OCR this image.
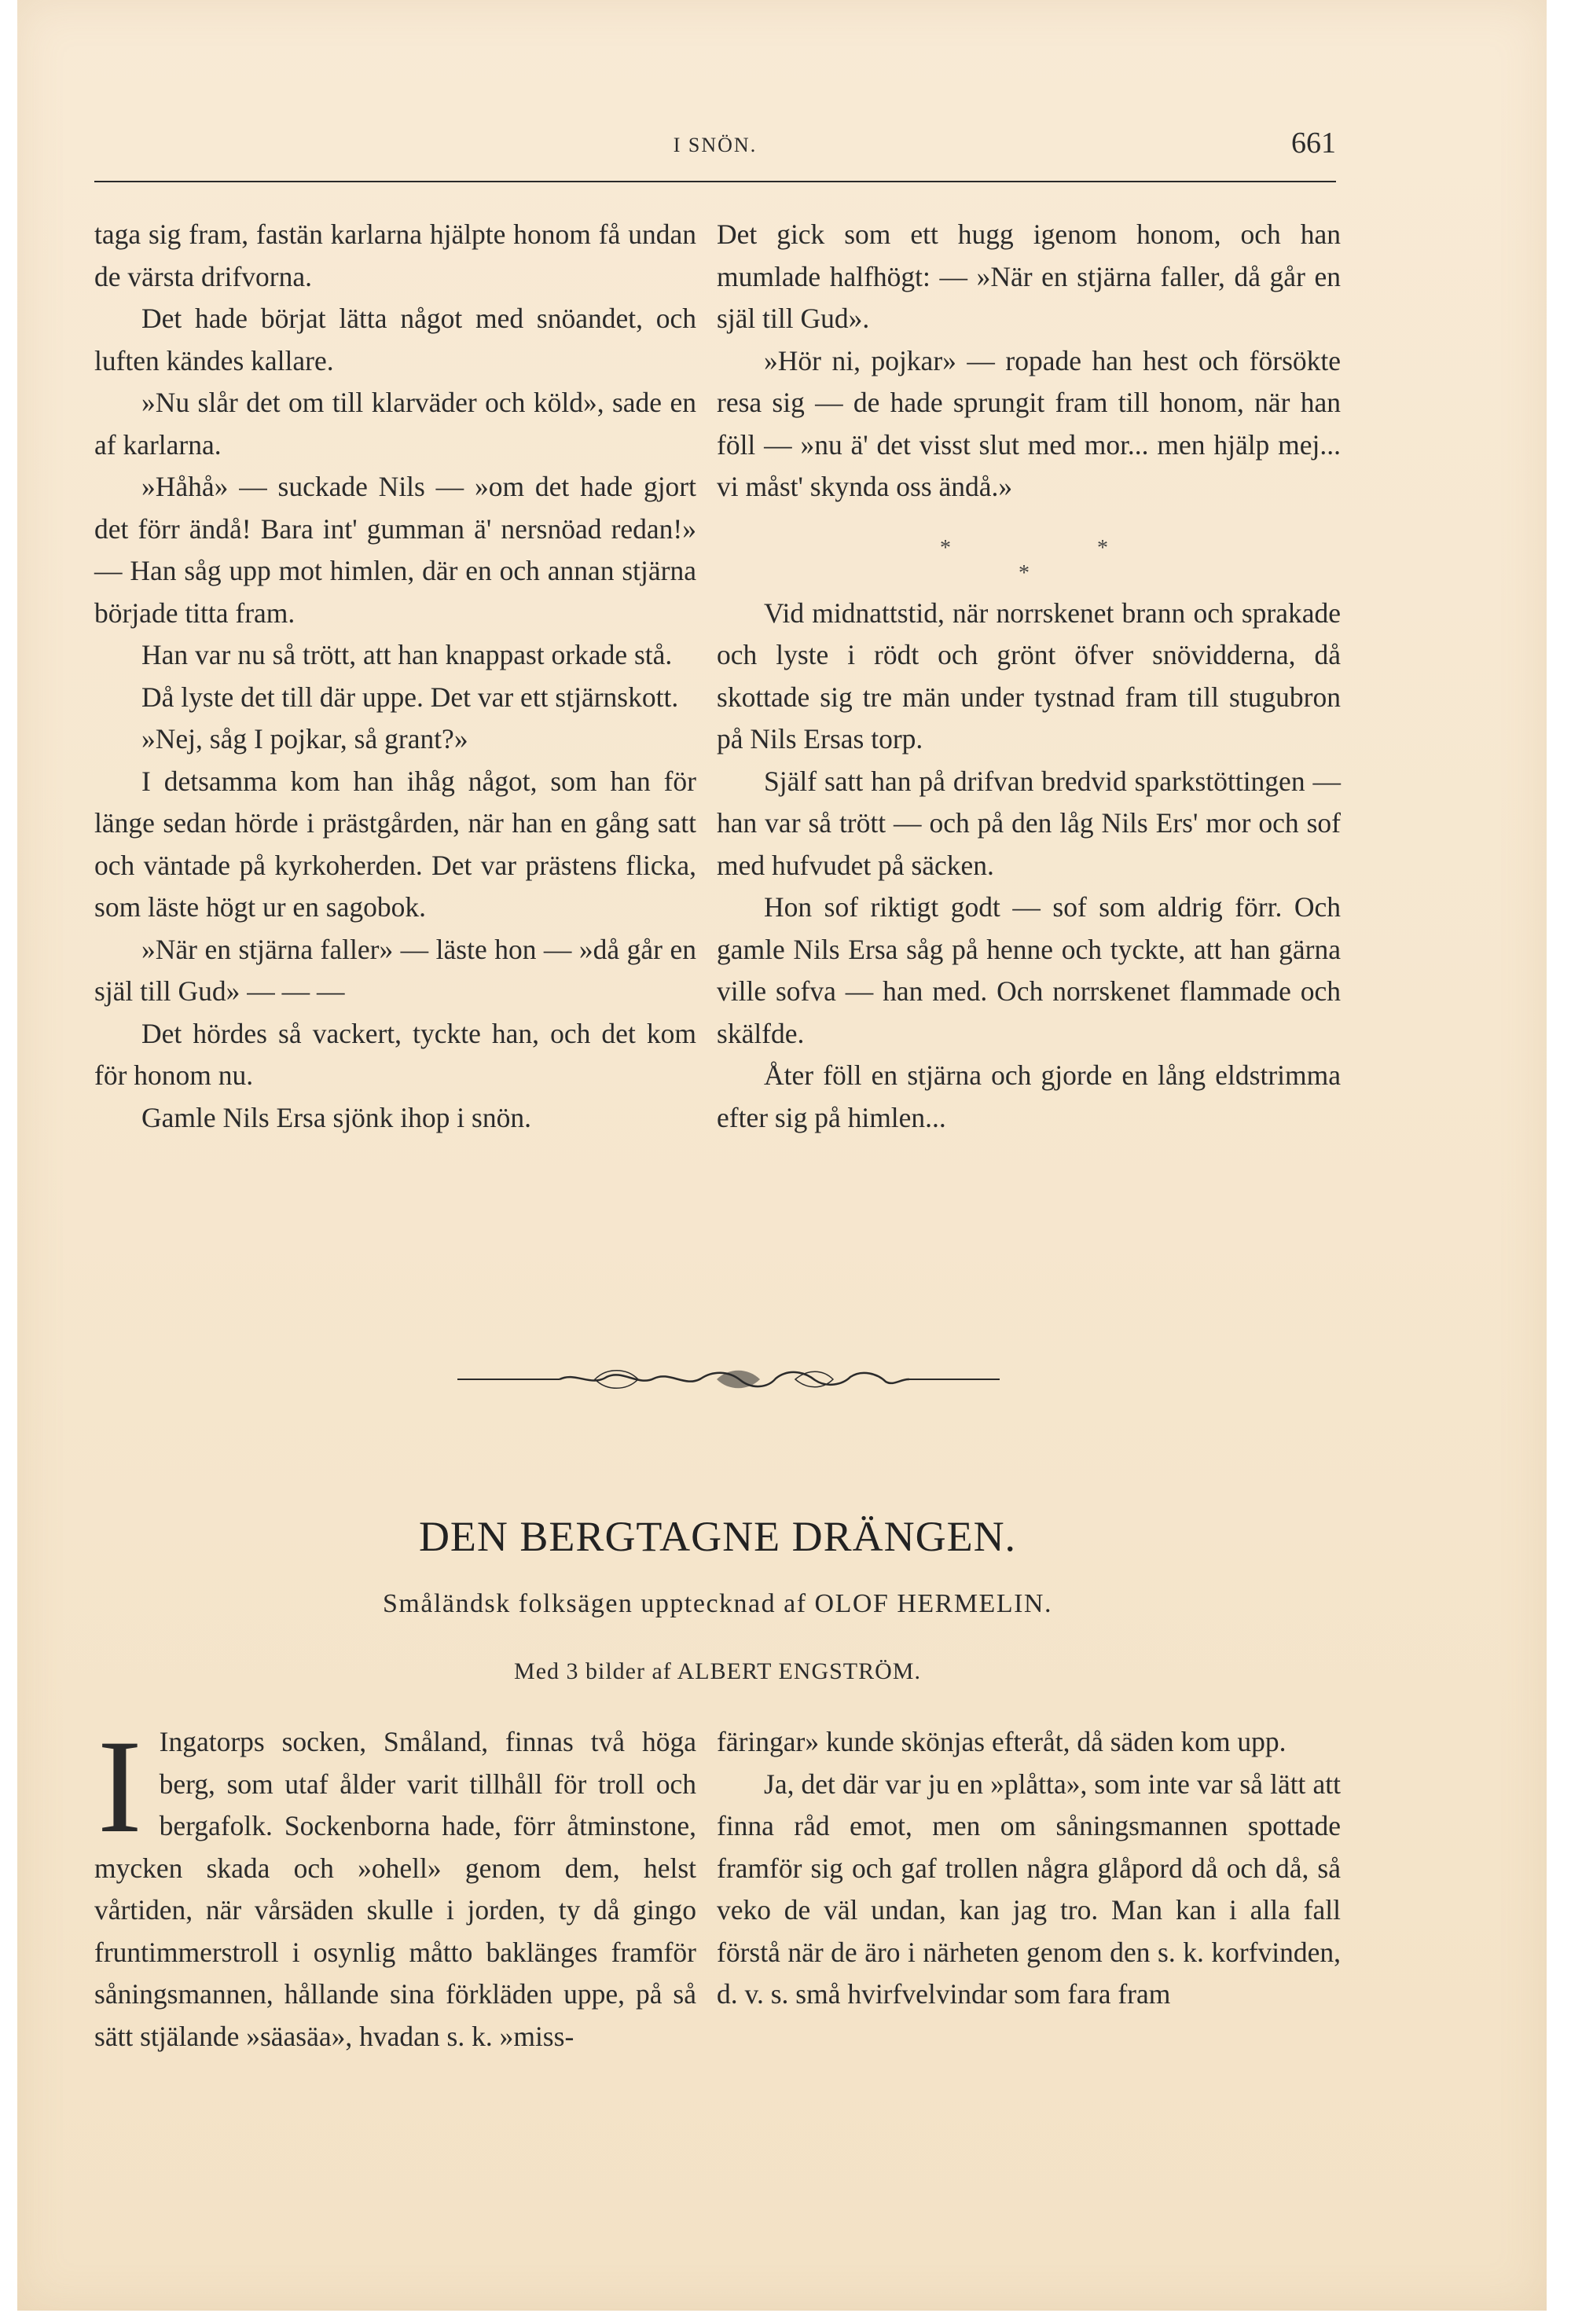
I SNÖN.	661

taga sig fram, fastän karlarna hjälpte honom få undan de värsta drifvorna.

Det hade börjat lätta något med snöandet, och luften kändes kallare.

»Nu slår det om till klarväder och köld», sade en af karlarna.

»Håhå» — suckade Nils — »om det hade gjort det förr ändå! Bara int' gumman ä' nersnöad redan!» — Han såg upp mot himlen, där en och annan stjärna började titta fram.

Han var nu så trött, att han knappast orkade stå.

Då lyste det till där uppe. Det var ett stjärnskott.

»Nej, såg I pojkar, så grant?»

I detsamma kom han ihåg något, som han för länge sedan hörde i prästgården, när han en gång satt och väntade på kyrkoherden. Det var prästens flicka, som läste högt ur en sagobok.

»När en stjärna faller» — läste hon — »då går en själ till Gud» — — —

Det hördes så vackert, tyckte han, och det kom för honom nu.

Gamle Nils Ersa sjönk ihop i snön.

Det gick som ett hugg igenom honom, och han mumlade halfhögt: — »När en stjärna faller, då går en själ till Gud».

»Hör ni, pojkar» — ropade han hest och försökte resa sig — de hade sprungit fram till honom, när han föll — »nu ä' det visst slut med mor... men hjälp mej... vi måst' skynda oss ändå.»

*	*
*

Vid midnattstid, när norrskenet brann och sprakade och lyste i rödt och grönt öfver snövidderna, då skottade sig tre män under tystnad fram till stugubron på Nils Ersas torp.

Själf satt han på drifvan bredvid sparkstöttingen — han var så trött — och på den låg Nils Ers' mor och sof med hufvudet på säcken.

Hon sof riktigt godt — sof som aldrig förr. Och gamle Nils Ersa såg på henne och tyckte, att han gärna ville sofva — han med. Och norrskenet flammade och skälfde.

Åter föll en stjärna och gjorde en lång eldstrimma efter sig på himlen...

DEN BERGTAGNE DRÄNGEN.
Småländsk folksägen upptecknad af OLOF HERMELIN.
Med 3 bilder af ALBERT ENGSTRÖM.

I Ingatorps socken, Småland, finnas två höga berg, som utaf ålder varit tillhåll för troll och bergafolk. Sockenborna hade, förr åtminstone, mycken skada och »ohell» genom dem, helst vårtiden, när vårsäden skulle i jorden, ty då gingo fruntimmerstroll i osynlig måtto baklänges framför såningsmannen, hållande sina förkläden uppe, på så sätt stjälande »säasäa», hvadan s. k. »miss-

färingar» kunde skönjas efteråt, då säden kom upp.

Ja, det där var ju en »plåtta», som inte var så lätt att finna råd emot, men om såningsmannen spottade framför sig och gaf trollen några glåpord då och då, så veko de väl undan, kan jag tro. Man kan i alla fall förstå när de äro i närheten genom den s. k. korfvinden, d. v. s. små hvirfvelvindar som fara fram
